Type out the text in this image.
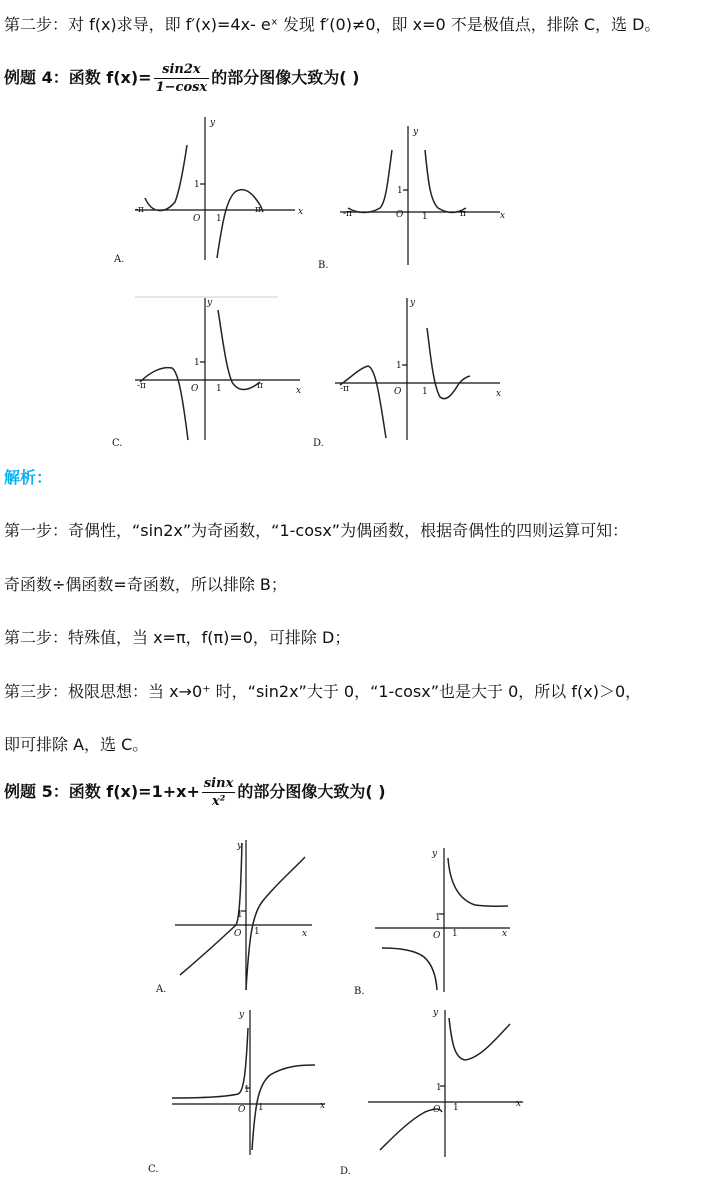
第二步：对 f(x)求导，即 f′(x)=4x- eˣ 发现 f′(0)≠0，即 x=0 不是极值点，排除 C，选 D。
例题 4：函数 $f(x)= \frac{\sin 2x}{1-\cos x}$ 的部分图像大致为( )
解析：
第一步：奇偶性，“sin2x”为奇函数，“1-cosx”为偶函数，根据奇偶性的四则运算可知：
奇函数÷偶函数=奇函数，所以排除 B；
第二步：特殊值，当 x=π，f(π)=0，可排除 D；
第三步：极限思想：当 x→0⁺ 时，“sin2x”大于 0，“1-cosx”也是大于 0，所以 f(x)＞0，
即可排除 A，选 C。
例题 5：函数 $f(x)=1+x+ \frac{\sin x}{\text{x²}}$ 的部分图像大致为( )
x
y
O
1
1
-π	π
A.
x
y
O
1
1
-π	π
B.
x
y
O
1
1
-π	π
C.
x
y
O
1
1
-π
D.
x
y
O
1
1
A.
x
y
O
1
1
B.
x
y
O
1
1
C.
x
y
O
1
1
D.
